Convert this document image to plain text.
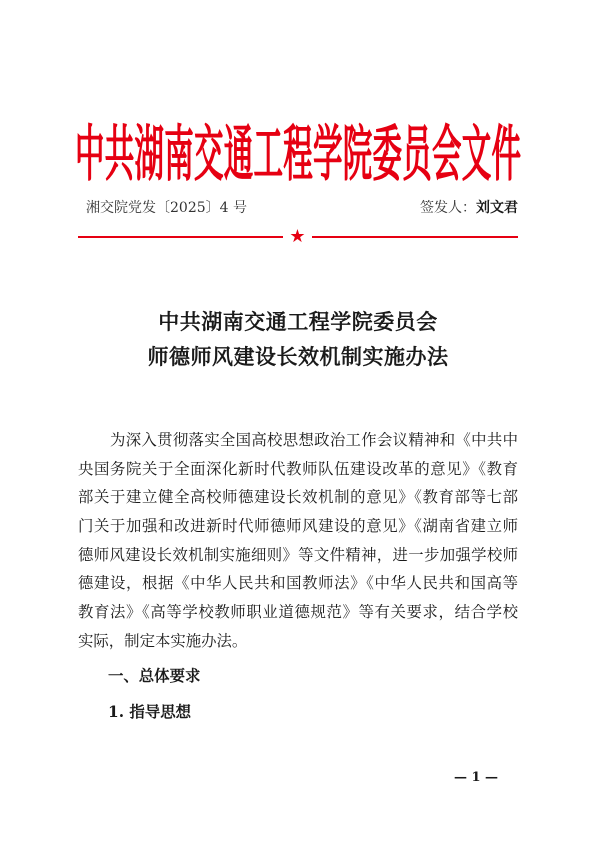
中共湖南交通工程学院委员会文件
湘交院党发〔2025〕4 号	签发人：刘文君
★
中共湖南交通工程学院委员会
师德师风建设长效机制实施办法
为深入贯彻落实全国高校思想政治工作会议精神和《中共中
央国务院关于全面深化新时代教师队伍建设改革的意见》《教育
部关于建立健全高校师德建设长效机制的意见》《教育部等七部
门关于加强和改进新时代师德师风建设的意见》《湖南省建立师
德师风建设长效机制实施细则》等文件精神，进一步加强学校师
德建设，根据《中华人民共和国教师法》《中华人民共和国高等
教育法》《高等学校教师职业道德规范》等有关要求，结合学校
实际，制定本实施办法。
一、总体要求
1. 指导思想
— 1 —
